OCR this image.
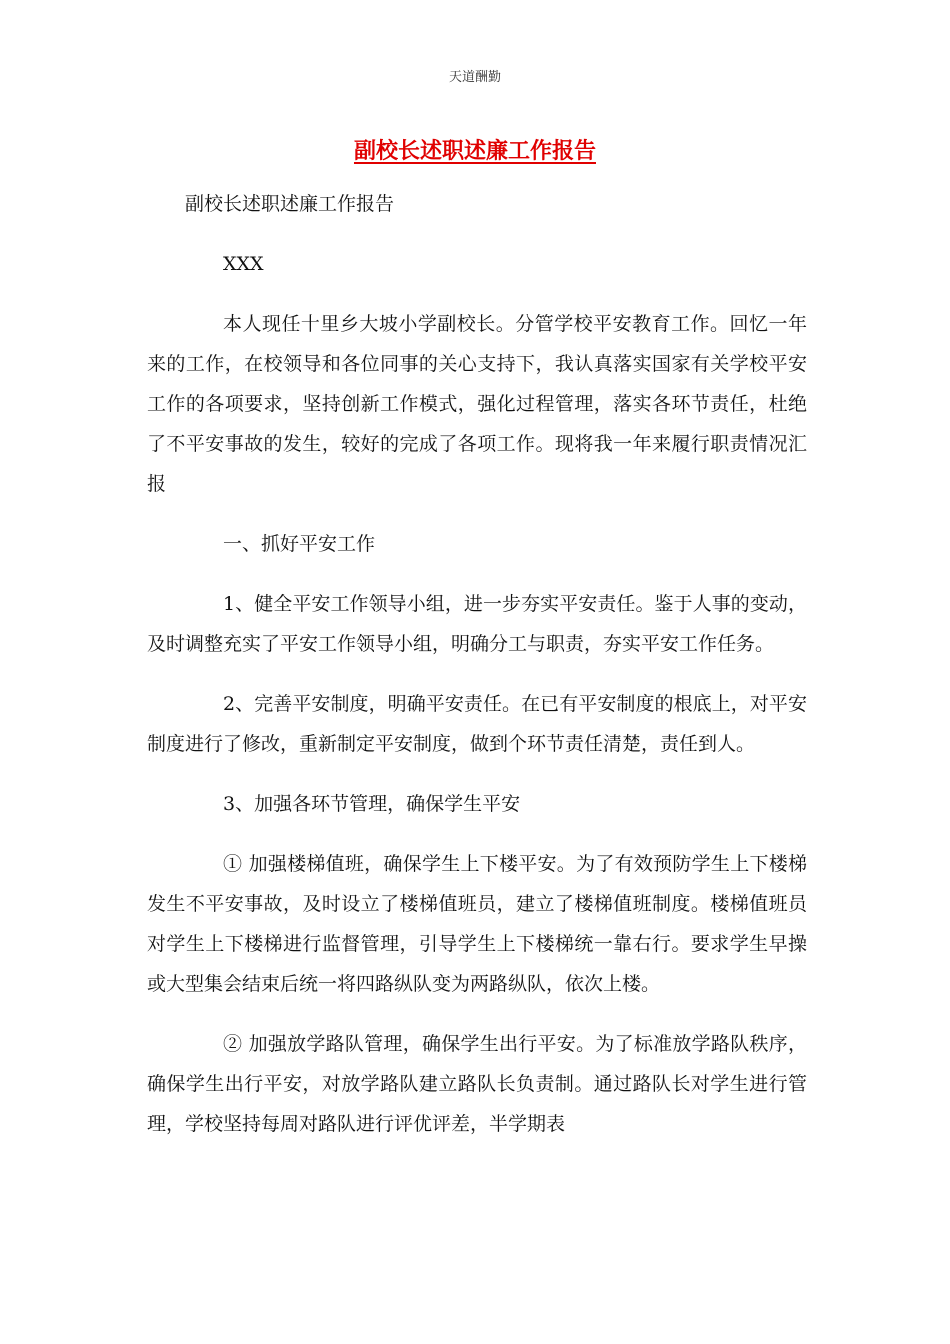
天道酬勤
副校长述职述廉工作报告

副校长述职述廉工作报告

XXX

本人现任十里乡大坡小学副校长。分管学校平安教育工作。回忆一年来的工作，在校领导和各位同事的关心支持下，我认真落实国家有关学校平安工作的各项要求，坚持创新工作模式，强化过程管理，落实各环节责任，杜绝了不平安事故的发生，较好的完成了各项工作。现将我一年来履行职责情况汇报

一、抓好平安工作

1、健全平安工作领导小组，进一步夯实平安责任。鉴于人事的变动，及时调整充实了平安工作领导小组，明确分工与职责，夯实平安工作任务。

2、完善平安制度，明确平安责任。在已有平安制度的根底上，对平安制度进行了修改，重新制定平安制度，做到个环节责任清楚，责任到人。

3、加强各环节管理，确保学生平安

① 加强楼梯值班，确保学生上下楼平安。为了有效预防学生上下楼梯发生不平安事故，及时设立了楼梯值班员，建立了楼梯值班制度。楼梯值班员对学生上下楼梯进行监督管理，引导学生上下楼梯统一靠右行。要求学生早操或大型集会结束后统一将四路纵队变为两路纵队，依次上楼。

② 加强放学路队管理，确保学生出行平安。为了标准放学路队秩序，确保学生出行平安，对放学路队建立路队长负责制。通过路队长对学生进行管理，学校坚持每周对路队进行评优评差，半学期表
